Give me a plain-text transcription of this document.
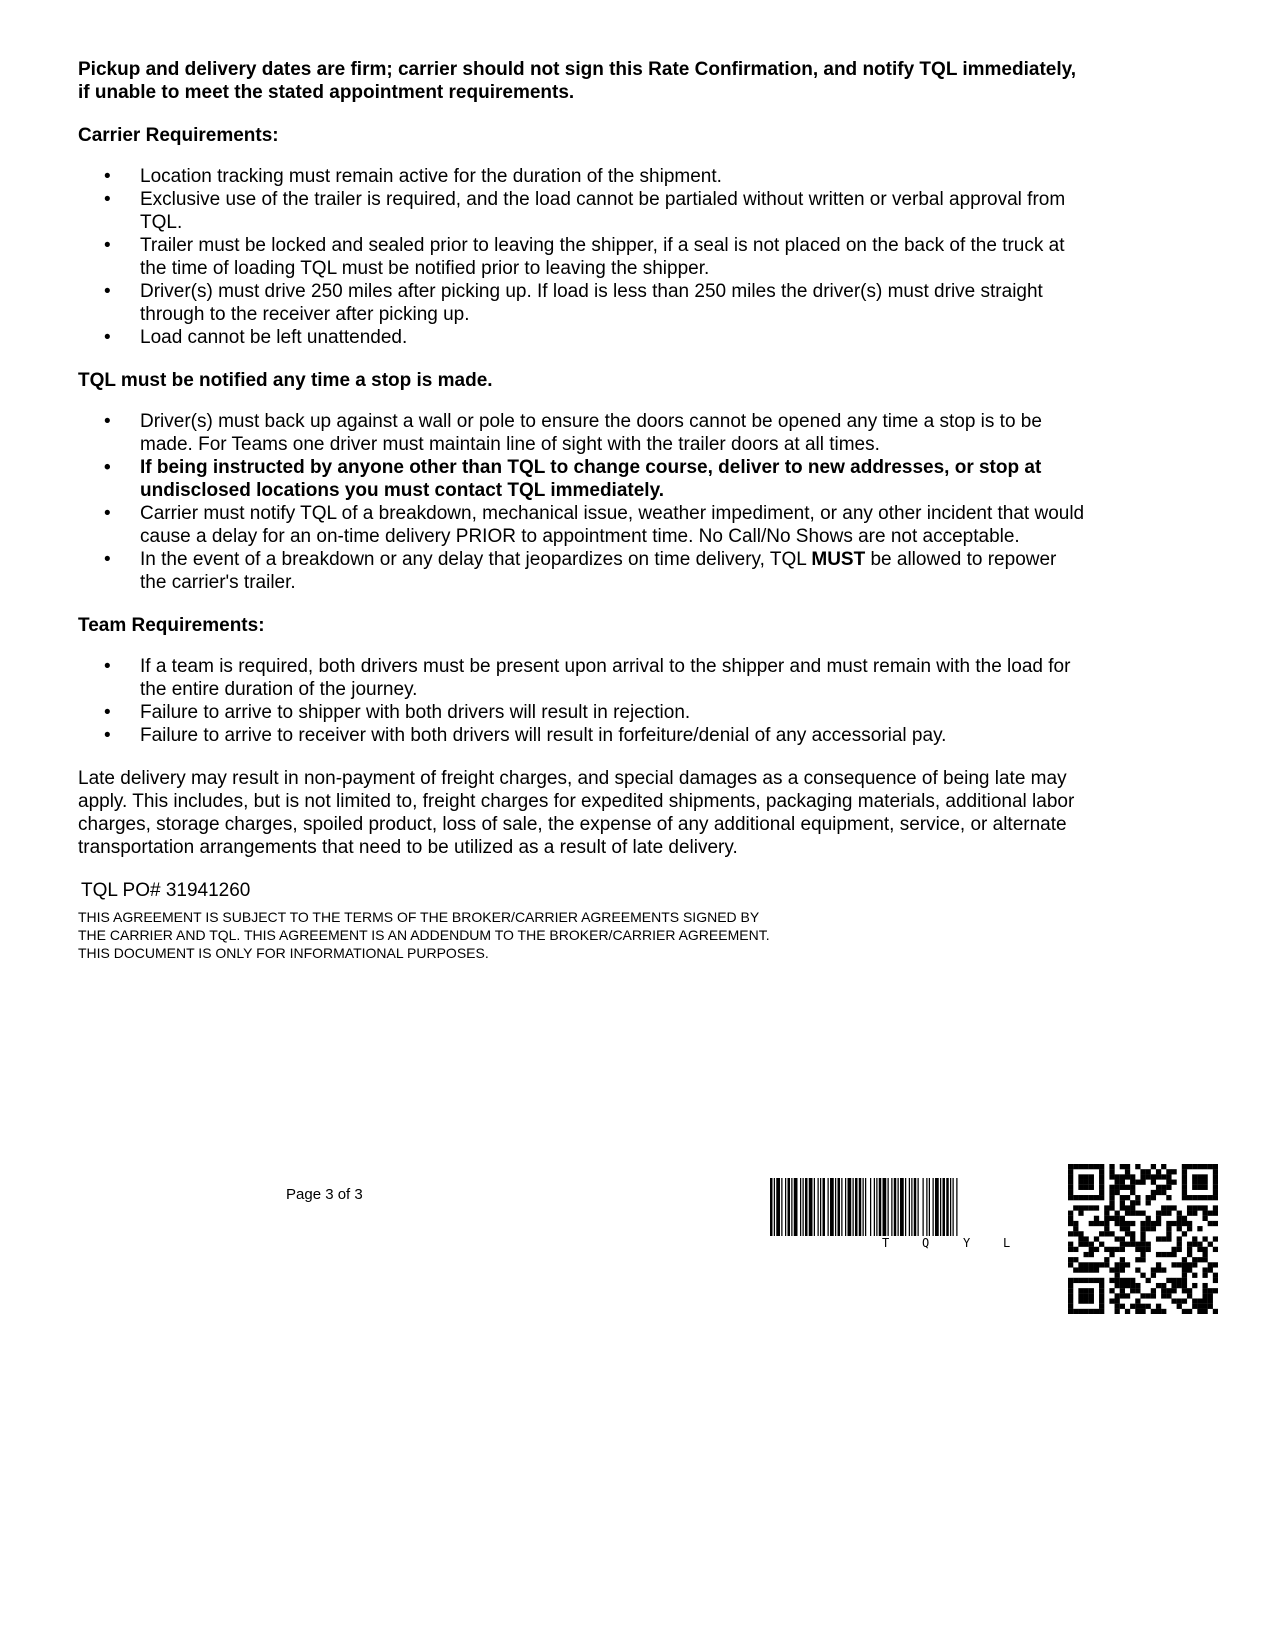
Pickup and delivery dates are firm; carrier should not sign this Rate Confirmation, and notify TQL immediately, if unable to meet the stated appointment requirements.

Carrier Requirements:

• Location tracking must remain active for the duration of the shipment.
• Exclusive use of the trailer is required, and the load cannot be partialed without written or verbal approval from TQL.
• Trailer must be locked and sealed prior to leaving the shipper, if a seal is not placed on the back of the truck at the time of loading TQL must be notified prior to leaving the shipper.
• Driver(s) must drive 250 miles after picking up. If load is less than 250 miles the driver(s) must drive straight through to the receiver after picking up.
• Load cannot be left unattended.

TQL must be notified any time a stop is made.

• Driver(s) must back up against a wall or pole to ensure the doors cannot be opened any time a stop is to be made. For Teams one driver must maintain line of sight with the trailer doors at all times.
• If being instructed by anyone other than TQL to change course, deliver to new addresses, or stop at undisclosed locations you must contact TQL immediately.
• Carrier must notify TQL of a breakdown, mechanical issue, weather impediment, or any other incident that would cause a delay for an on-time delivery PRIOR to appointment time. No Call/No Shows are not acceptable.
• In the event of a breakdown or any delay that jeopardizes on time delivery, TQL MUST be allowed to repower the carrier's trailer.

Team Requirements:

• If a team is required, both drivers must be present upon arrival to the shipper and must remain with the load for the entire duration of the journey.
• Failure to arrive to shipper with both drivers will result in rejection.
• Failure to arrive to receiver with both drivers will result in forfeiture/denial of any accessorial pay.

Late delivery may result in non-payment of freight charges, and special damages as a consequence of being late may apply. This includes, but is not limited to, freight charges for expedited shipments, packaging materials, additional labor charges, storage charges, spoiled product, loss of sale, the expense of any additional equipment, service, or alternate transportation arrangements that need to be utilized as a result of late delivery.

TQL PO# 31941260

THIS AGREEMENT IS SUBJECT TO THE TERMS OF THE BROKER/CARRIER AGREEMENTS SIGNED BY THE CARRIER AND TQL. THIS AGREEMENT IS AN ADDENDUM TO THE BROKER/CARRIER AGREEMENT. THIS DOCUMENT IS ONLY FOR INFORMATIONAL PURPOSES.

Page 3 of 3
T	Q	Y	L
